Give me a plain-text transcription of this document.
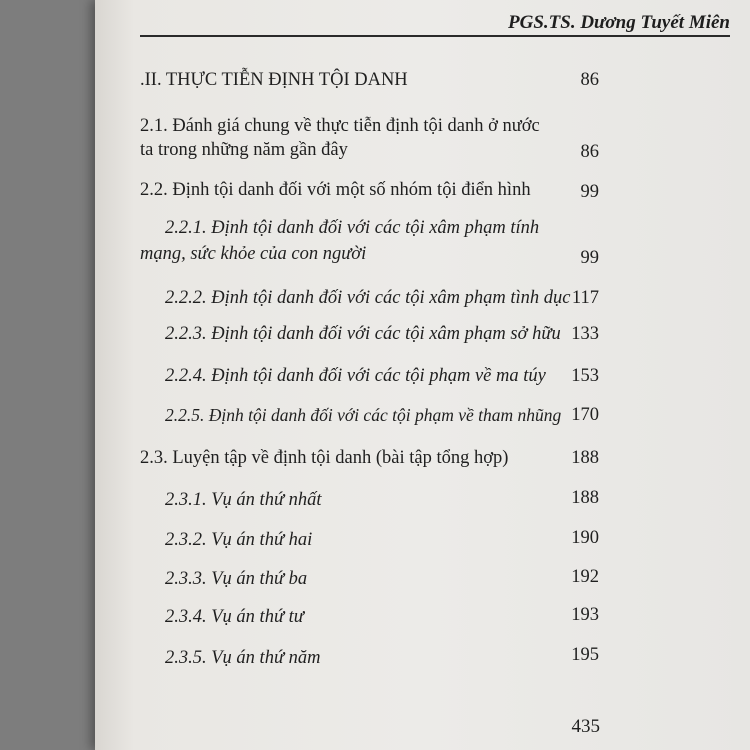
PGS.TS. Dương Tuyết Miên
.II. THỰC TIỄN ĐỊNH TỘI DANH	86
2.1. Đánh giá chung về thực tiễn định tội danh ở nước
ta trong những năm gần đây	86
2.2. Định tội danh đối với một số nhóm tội điển hình	99
2.2.1. Định tội danh đối với các tội xâm phạm tính
mạng, sức khỏe của con người	99
2.2.2. Định tội danh đối với các tội xâm phạm tình dục 117
2.2.3. Định tội danh đối với các tội xâm phạm sở hữu 133
2.2.4. Định tội danh đối với các tội phạm về ma túy 153
2.2.5. Định tội danh đối với các tội phạm về tham nhũng 170
2.3. Luyện tập về định tội danh (bài tập tổng hợp)	188
2.3.1. Vụ án thứ nhất	188
2.3.2. Vụ án thứ hai	190
2.3.3. Vụ án thứ ba	192
2.3.4. Vụ án thứ tư	193
2.3.5. Vụ án thứ năm	195
435
